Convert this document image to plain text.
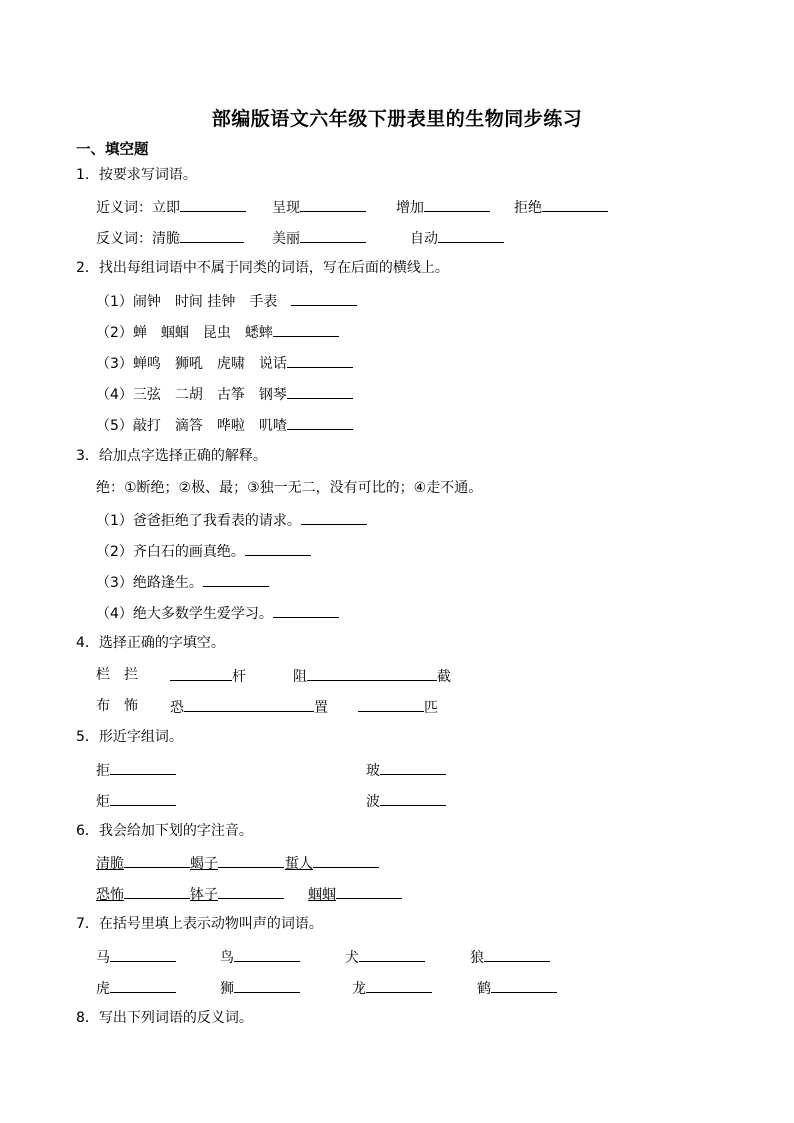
部编版语文六年级下册表里的生物同步练习
一、填空题
1．按要求写词语。
近义词：立即	呈现	增加	拒绝
反义词：清脆	美丽	自动
2．找出每组词语中不属于同类的词语，写在后面的横线上。
（1）闹钟　时间 挂钟　手表　
（2）蝉　蝈蝈　昆虫　蟋蟀
（3）蝉鸣　狮吼　虎啸　说话
（4）三弦　二胡　古筝　钢琴
（5）敲打　滴答　哗啦　叽喳
3．给加点字选择正确的解释。
绝：①断绝；②极、最；③独一无二，没有可比的；④走不通。
（1）爸爸拒绝了我看表的请求。
（2）齐白石的画真绝。
（3）绝路逢生。
（4）绝大多数学生爱学习。
4．选择正确的字填空。
栏　拦	杆	阻	截
布　怖 恐	置	匹
5．形近字组词。
拒	玻
炬	波
6．我会给加下划的字注音。
清脆	蝎子	蜇人
恐怖	钵子	蝈蝈
7．在括号里填上表示动物叫声的词语。
马	鸟	犬	狼
虎	狮	龙	鹤
8．写出下列词语的反义词。
